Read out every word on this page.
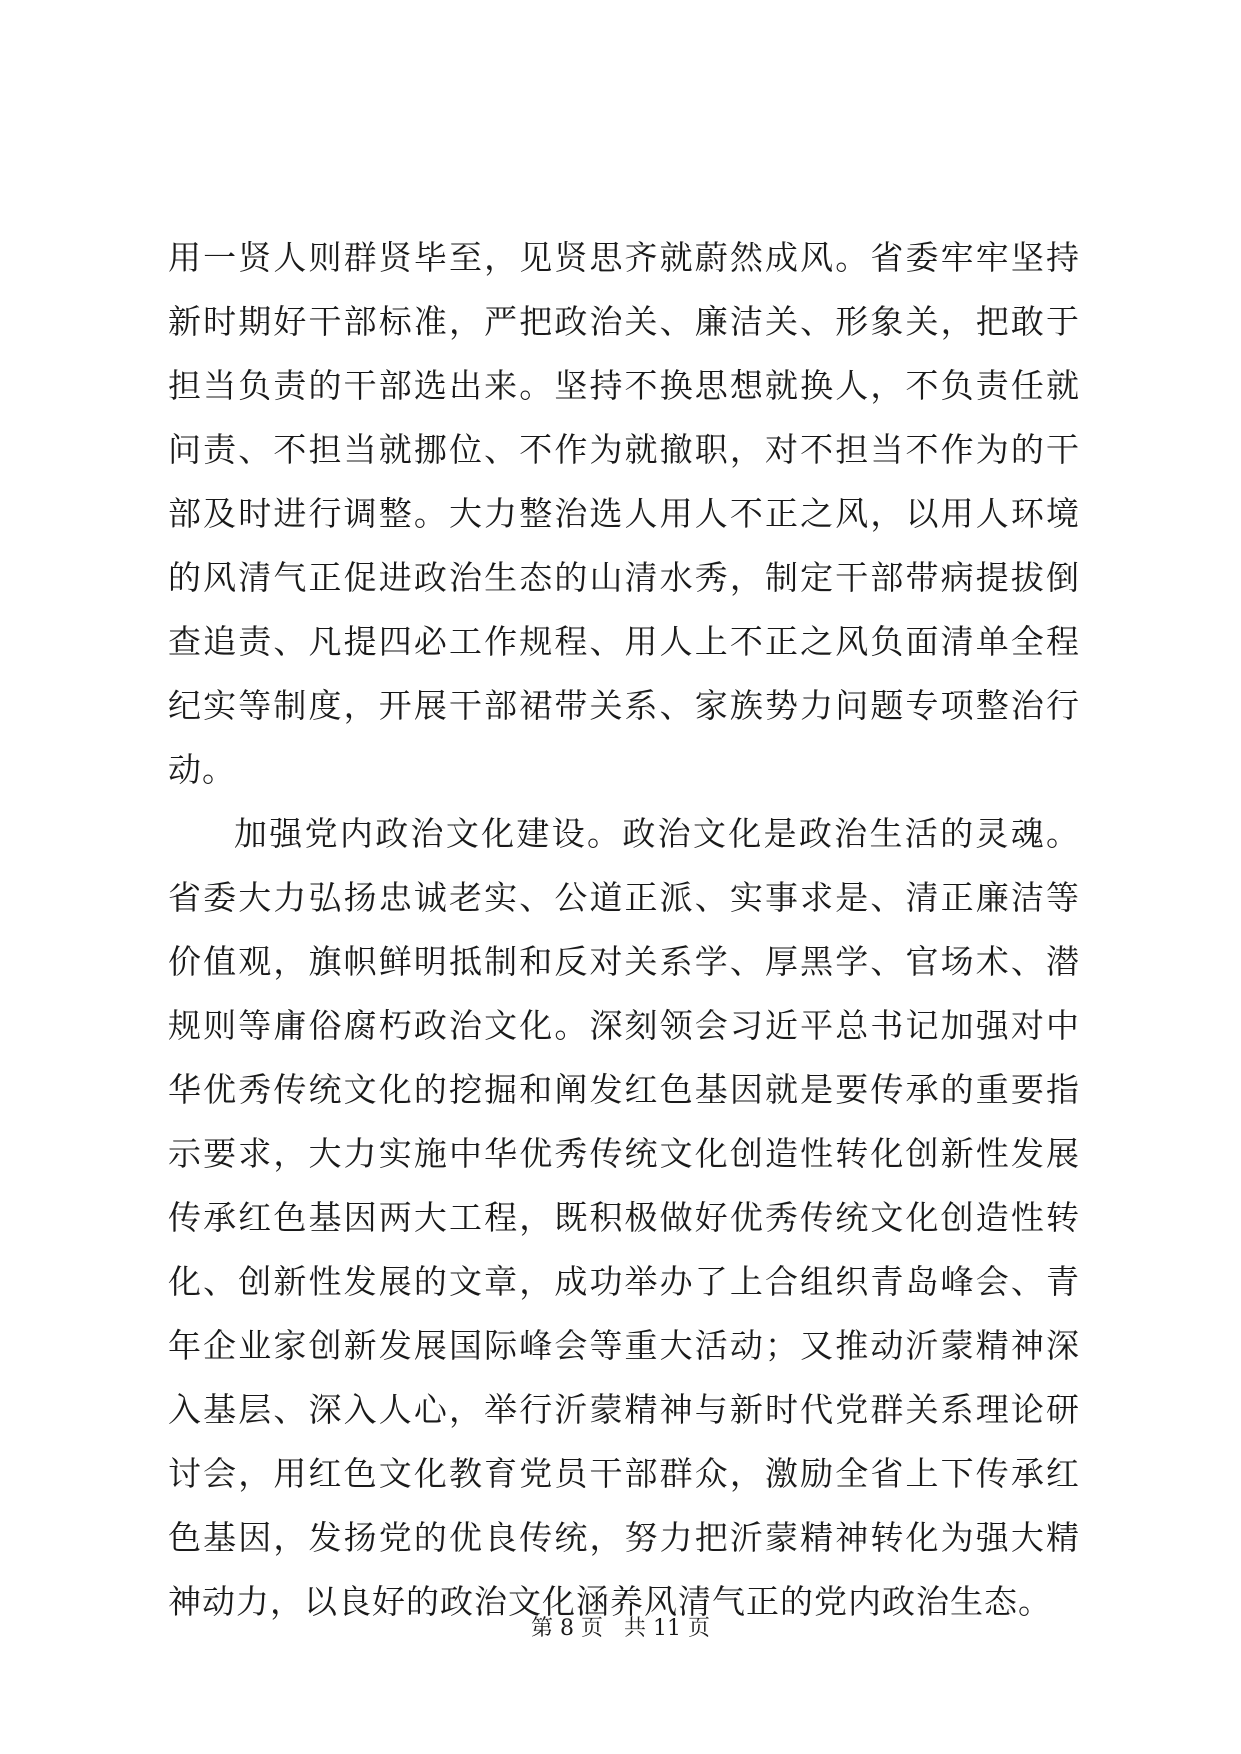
用一贤人则群贤毕至，见贤思齐就蔚然成风。省委牢牢坚持新时期好干部标准，严把政治关、廉洁关、形象关，把敢于担当负责的干部选出来。坚持不换思想就换人，不负责任就问责、不担当就挪位、不作为就撤职，对不担当不作为的干部及时进行调整。大力整治选人用人不正之风，以用人环境的风清气正促进政治生态的山清水秀，制定干部带病提拔倒查追责、凡提四必工作规程、用人上不正之风负面清单全程纪实等制度，开展干部裙带关系、家族势力问题专项整治行动。

加强党内政治文化建设。政治文化是政治生活的灵魂。省委大力弘扬忠诚老实、公道正派、实事求是、清正廉洁等价值观，旗帜鲜明抵制和反对关系学、厚黑学、官场术、潜规则等庸俗腐朽政治文化。深刻领会习近平总书记加强对中华优秀传统文化的挖掘和阐发红色基因就是要传承的重要指示要求，大力实施中华优秀传统文化创造性转化创新性发展传承红色基因两大工程，既积极做好优秀传统文化创造性转化、创新性发展的文章，成功举办了上合组织青岛峰会、青年企业家创新发展国际峰会等重大活动；又推动沂蒙精神深入基层、深入人心，举行沂蒙精神与新时代党群关系理论研讨会，用红色文化教育党员干部群众，激励全省上下传承红色基因，发扬党的优良传统，努力把沂蒙精神转化为强大精神动力，以良好的政治文化涵养风清气正的党内政治生态。

第 8 页 共 11 页
